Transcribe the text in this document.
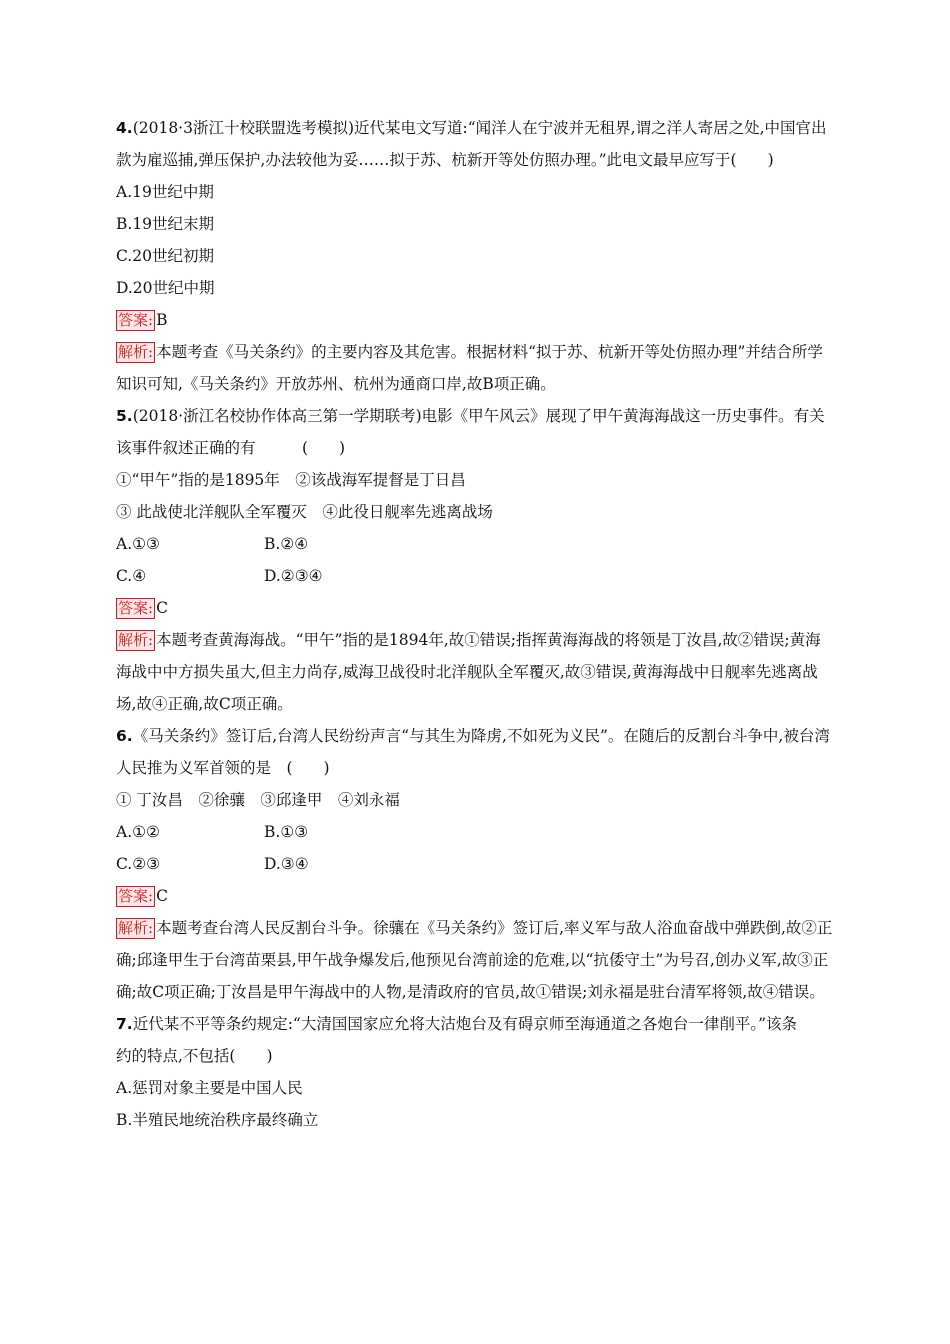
4.(2018·3浙江十校联盟选考模拟)近代某电文写道:“闻洋人在宁波并无租界,谓之洋人寄居之处,中国官出款为雇巡捕,弹压保护,办法较他为妥……拟于苏、杭新开等处仿照办理。”此电文最早应写于(　　)
A.19世纪中期
B.19世纪末期
C.20世纪初期
D.20世纪中期
答案: B
解析: 本题考查《马关条约》的主要内容及其危害。根据材料“拟于苏、杭新开等处仿照办理”并结合所学知识可知,《马关条约》开放苏州、杭州为通商口岸,故B项正确。
5.(2018·浙江名校协作体高三第一学期联考)电影《甲午风云》展现了甲午黄海海战这一历史事件。有关该事件叙述正确的有　　　(　　)
①“甲午”指的是1895年　②该战海军提督是丁日昌
③ 此战使北洋舰队全军覆灭　④此役日舰率先逃离战场
A.①③	B.②④
C.④	D.②③④
答案: C
解析: 本题考查黄海海战。“甲午”指的是1894年,故①错误;指挥黄海海战的将领是丁汝昌,故②错误;黄海海战中中方损失虽大,但主力尚存,威海卫战役时北洋舰队全军覆灭,故③错误,黄海海战中日舰率先逃离战场,故④正确,故C项正确。
6.《马关条约》签订后,台湾人民纷纷声言“与其生为降虏,不如死为义民”。在随后的反割台斗争中,被台湾人民推为义军首领的是　(　　)
① 丁汝昌　②徐骧　③邱逢甲　④刘永福
A.①②	B.①③
C.②③	D.③④
答案: C
解析: 本题考查台湾人民反割台斗争。徐骧在《马关条约》签订后,率义军与敌人浴血奋战中弹跌倒,故②正确;邱逢甲生于台湾苗栗县,甲午战争爆发后,他预见台湾前途的危难,以“抗倭守土”为号召,创办义军,故③正确;故C项正确;丁汝昌是甲午海战中的人物,是清政府的官员,故①错误;刘永福是驻台清军将领,故④错误。
7.近代某不平等条约规定:“大清国国家应允将大沽炮台及有碍京师至海通道之各炮台一律削平。”该条约的特点,不包括(　　)
A.惩罚对象主要是中国人民
B.半殖民地统治秩序最终确立
